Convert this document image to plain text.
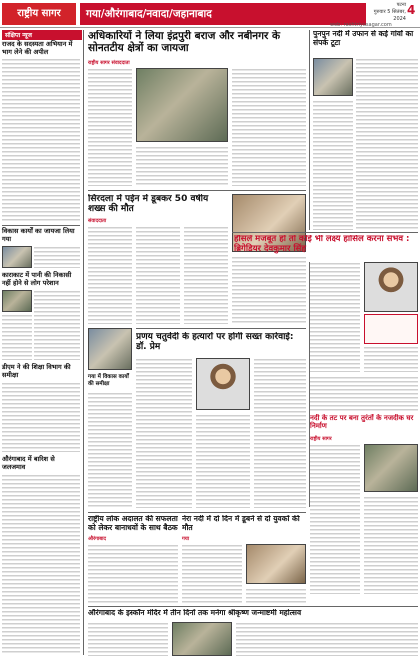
राष्ट्रीय सागर	गया/औरंगाबाद/नवादा/जहानाबाद
पटना
गुरुवार 5 सितंबर, 2024
4
web: rashtriyasagar.com
संक्षिप्त न्यूज
राजद के सदस्यता अभियान में भाग लेने की अपील
विकास कार्यों का जायजा लिया गया
काराकाट में पानी की निकासी नहीं होने से लोग परेशान
डीएम ने की शिक्षा विभाग की समीक्षा
औरंगाबाद में बारिश से जलजमाव
अधिकारियों ने लिया इंद्रपुरी बराज और नबीनगर के सोनतटीय क्षेत्रों का जायजा
राष्ट्रीय सागर संवाददाता
पुनपुन नदी में उफान से कई गांवों का संपर्क टूटा
सिरदला में पईन में डूबकर 50 वर्षीय शख्स की मौत
संवाददाता
हौसले मजबूत हो तो कोई भी लक्ष्य हासिल करना संभव : ब्रिगेडियर देवकुमार सिंह
प्रणय चतुर्वेदी के हत्यारों पर होगी सख्त कार्रवाई: डॉ. प्रेम
गया में विकास कार्यों की समीक्षा
नदी के तट पर बना तुरंतों के नजदीक घर निर्माण
राष्ट्रीय सागर
राष्ट्रीय लोक अदालत की सफलता को लेकर बानाधवों के साथ बैठक
औरंगाबाद
नेरा नदी में दो दिन में डूबने से दो युवकों की मौत
गया
औरंगाबाद के इस्कॉन मंदिर में तीन दिनों तक मनेगा श्रीकृष्ण जन्माष्टमी महोत्सव
